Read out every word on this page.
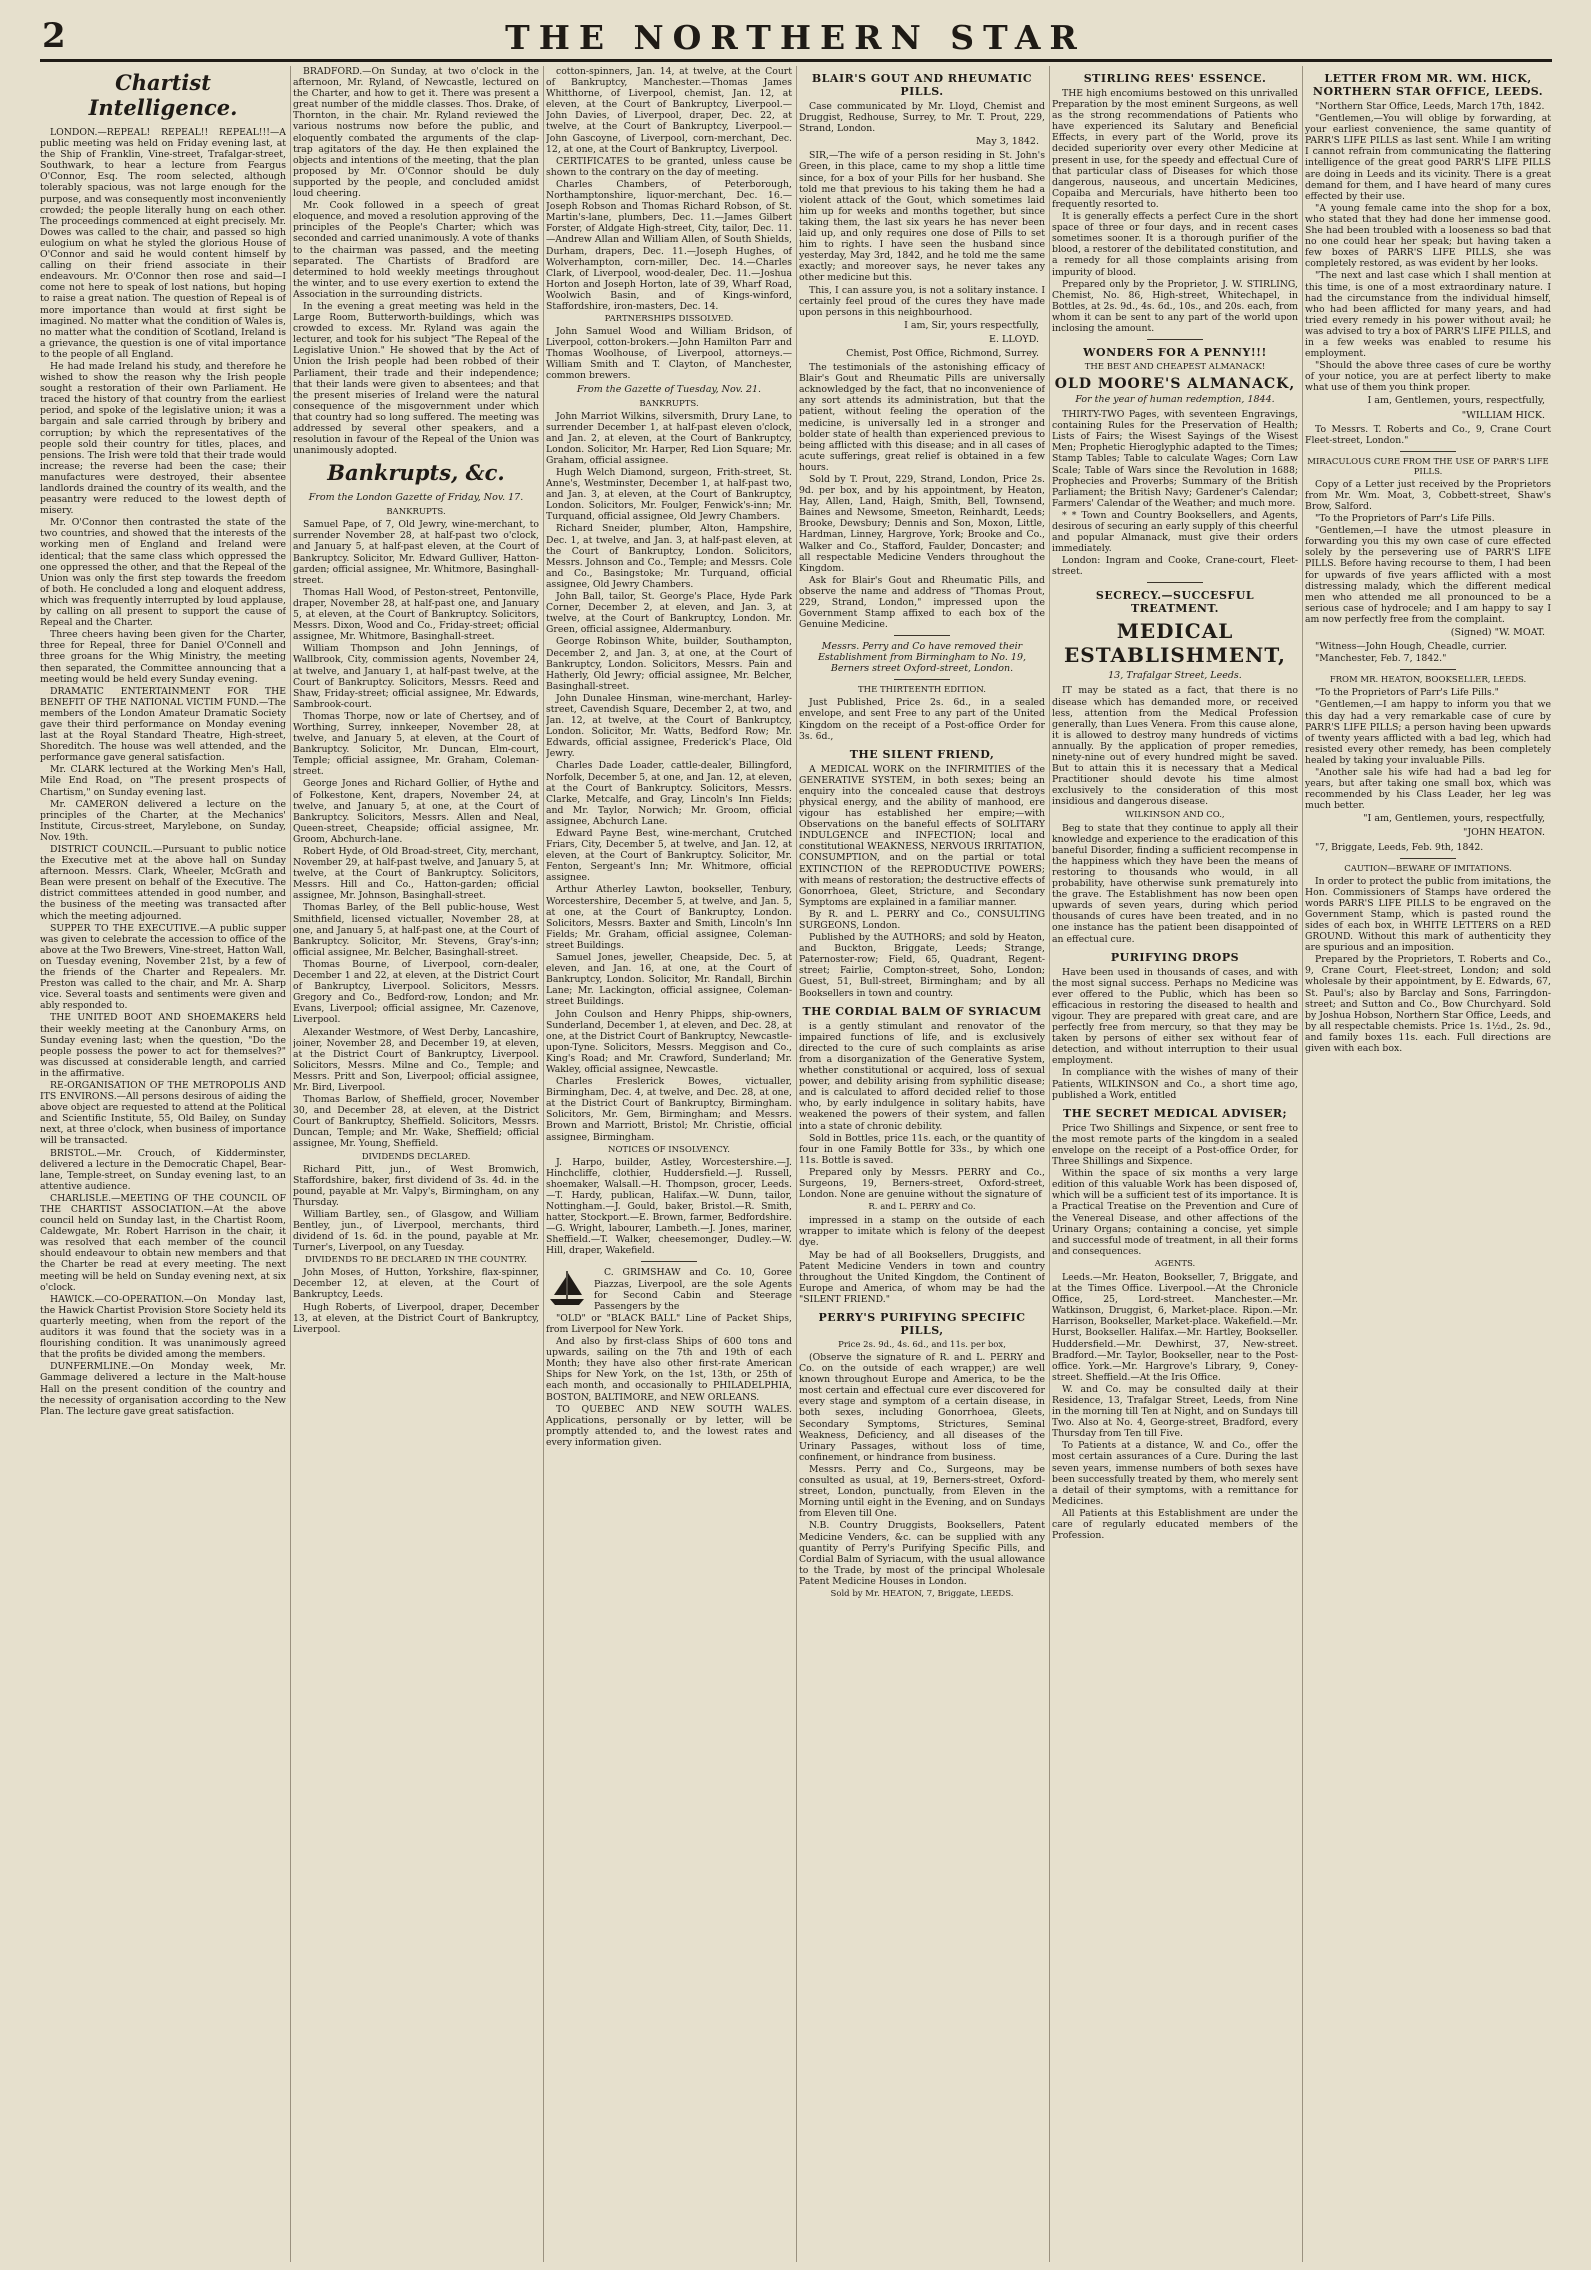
2	THE NORTHERN STAR
Chartist Intelligence.

LONDON.—REPEAL! REPEAL!! REPEAL!!!—A public meeting was held on Friday evening last, at the Ship of Franklin, Vine-street, Trafalgar-street, Southwark, to hear a lecture from Feargus O'Connor, Esq. The room selected, although tolerably spacious, was not large enough for the purpose, and was consequently most inconveniently crowded; the people literally hung on each other. The proceedings commenced at eight precisely. Mr. Dowes was called to the chair, and passed so high eulogium on what he styled the glorious House of O'Connor and said he would content himself by calling on their friend associate in their endeavours. Mr. O'Connor then rose and said—I come not here to speak of lost nations, but hoping to raise a great nation. The question of Repeal is of more importance than would at first sight be imagined. No matter what the condition of Wales is, no matter what the condition of Scotland, Ireland is a grievance, the question is one of vital importance to the people of all England.

He had made Ireland his study, and therefore he wished to show the reason why the Irish people sought a restoration of their own Parliament. He traced the history of that country from the earliest period, and spoke of the legislative union; it was a bargain and sale carried through by bribery and corruption; by which the representatives of the people sold their country for titles, places, and pensions. The Irish were told that their trade would increase; the reverse had been the case; their manufactures were destroyed, their absentee landlords drained the country of its wealth, and the peasantry were reduced to the lowest depth of misery.

Mr. O'Connor then contrasted the state of the two countries, and showed that the interests of the working men of England and Ireland were identical; that the same class which oppressed the one oppressed the other, and that the Repeal of the Union was only the first step towards the freedom of both. He concluded a long and eloquent address, which was frequently interrupted by loud applause, by calling on all present to support the cause of Repeal and the Charter.

Three cheers having been given for the Charter, three for Repeal, three for Daniel O'Connell and three groans for the Whig Ministry, the meeting then separated, the Committee announcing that a meeting would be held every Sunday evening.

DRAMATIC ENTERTAINMENT FOR THE BENEFIT OF THE NATIONAL VICTIM FUND.—The members of the London Amateur Dramatic Society gave their third performance on Monday evening last at the Royal Standard Theatre, High-street, Shoreditch. The house was well attended, and the performance gave general satisfaction.

Mr. CLARK lectured at the Working Men's Hall, Mile End Road, on "The present prospects of Chartism," on Sunday evening last.

Mr. CAMERON delivered a lecture on the principles of the Charter, at the Mechanics' Institute, Circus-street, Marylebone, on Sunday, Nov. 19th.

DISTRICT COUNCIL.—Pursuant to public notice the Executive met at the above hall on Sunday afternoon. Messrs. Clark, Wheeler, McGrath and Bean were present on behalf of the Executive. The district committees attended in good number, and the business of the meeting was transacted after which the meeting adjourned.

SUPPER TO THE EXECUTIVE.—A public supper was given to celebrate the accession to office of the above at the Two Brewers, Vine-street, Hatton Wall, on Tuesday evening, November 21st, by a few of the friends of the Charter and Repealers. Mr. Preston was called to the chair, and Mr. A. Sharp vice. Several toasts and sentiments were given and ably responded to.

THE UNITED BOOT AND SHOEMAKERS held their weekly meeting at the Canonbury Arms, on Sunday evening last; when the question, "Do the people possess the power to act for themselves?" was discussed at considerable length, and carried in the affirmative.

RE-ORGANISATION OF THE METROPOLIS AND ITS ENVIRONS.—All persons desirous of aiding the above object are requested to attend at the Political and Scientific Institute, 55, Old Bailey, on Sunday next, at three o'clock, when business of importance will be transacted.

BRISTOL.—Mr. Crouch, of Kidderminster, delivered a lecture in the Democratic Chapel, Bear-lane, Temple-street, on Sunday evening last, to an attentive audience.

CHARLISLE.—MEETING OF THE COUNCIL OF THE CHARTIST ASSOCIATION.—At the above council held on Sunday last, in the Chartist Room, Caldewgate, Mr. Robert Harrison in the chair, it was resolved that each member of the council should endeavour to obtain new members and that the Charter be read at every meeting. The next meeting will be held on Sunday evening next, at six o'clock.

HAWICK.—CO-OPERATION.—On Monday last, the Hawick Chartist Provision Store Society held its quarterly meeting, when from the report of the auditors it was found that the society was in a flourishing condition. It was unanimously agreed that the profits be divided among the members.

DUNFERMLINE.—On Monday week, Mr. Gammage delivered a lecture in the Malt-house Hall on the present condition of the country and the necessity of organisation according to the New Plan. The lecture gave great satisfaction.

BRADFORD.—On Sunday, at two o'clock in the afternoon, Mr. Ryland, of Newcastle, lectured on the Charter, and how to get it. There was present a great number of the middle classes. Thos. Drake, of Thornton, in the chair. Mr. Ryland reviewed the various nostrums now before the public, and eloquently combated the arguments of the clap-trap agitators of the day. He then explained the objects and intentions of the meeting, that the plan proposed by Mr. O'Connor should be duly supported by the people, and concluded amidst loud cheering.

Mr. Cook followed in a speech of great eloquence, and moved a resolution approving of the principles of the People's Charter; which was seconded and carried unanimously. A vote of thanks to the chairman was passed, and the meeting separated. The Chartists of Bradford are determined to hold weekly meetings throughout the winter, and to use every exertion to extend the Association in the surrounding districts.

In the evening a great meeting was held in the Large Room, Butterworth-buildings, which was crowded to excess. Mr. Ryland was again the lecturer, and took for his subject "The Repeal of the Legislative Union." He showed that by the Act of Union the Irish people had been robbed of their Parliament, their trade and their independence; that their lands were given to absentees; and that the present miseries of Ireland were the natural consequence of the misgovernment under which that country had so long suffered. The meeting was addressed by several other speakers, and a resolution in favour of the Repeal of the Union was unanimously adopted.

Bankrupts, &c.
From the London Gazette of Friday, Nov. 17.
BANKRUPTS.

Samuel Pape, of 7, Old Jewry, wine-merchant, to surrender November 28, at half-past two o'clock, and January 5, at half-past eleven, at the Court of Bankruptcy. Solicitor, Mr. Edward Gulliver, Hatton-garden; official assignee, Mr. Whitmore, Basinghall-street.

Thomas Hall Wood, of Peston-street, Pentonville, draper, November 28, at half-past one, and January 5, at eleven, at the Court of Bankruptcy. Solicitors, Messrs. Dixon, Wood and Co., Friday-street; official assignee, Mr. Whitmore, Basinghall-street.

William Thompson and John Jennings, of Wallbrook, City, commission agents, November 24, at twelve, and January 1, at half-past twelve, at the Court of Bankruptcy. Solicitors, Messrs. Reed and Shaw, Friday-street; official assignee, Mr. Edwards, Sambrook-court.

Thomas Thorpe, now or late of Chertsey, and of Worthing, Surrey, innkeeper, November 28, at twelve, and January 5, at eleven, at the Court of Bankruptcy. Solicitor, Mr. Duncan, Elm-court, Temple; official assignee, Mr. Graham, Coleman-street.

George Jones and Richard Gollier, of Hythe and of Folkestone, Kent, drapers, November 24, at twelve, and January 5, at one, at the Court of Bankruptcy. Solicitors, Messrs. Allen and Neal, Queen-street, Cheapside; official assignee, Mr. Groom, Abchurch-lane.

Robert Hyde, of Old Broad-street, City, merchant, November 29, at half-past twelve, and January 5, at twelve, at the Court of Bankruptcy. Solicitors, Messrs. Hill and Co., Hatton-garden; official assignee, Mr. Johnson, Basinghall-street.

Thomas Barley, of the Bell public-house, West Smithfield, licensed victualler, November 28, at one, and January 5, at half-past one, at the Court of Bankruptcy. Solicitor, Mr. Stevens, Gray's-inn; official assignee, Mr. Belcher, Basinghall-street.

Thomas Bourne, of Liverpool, corn-dealer, December 1 and 22, at eleven, at the District Court of Bankruptcy, Liverpool. Solicitors, Messrs. Gregory and Co., Bedford-row, London; and Mr. Evans, Liverpool; official assignee, Mr. Cazenove, Liverpool.

Alexander Westmore, of West Derby, Lancashire, joiner, November 28, and December 19, at eleven, at the District Court of Bankruptcy, Liverpool. Solicitors, Messrs. Milne and Co., Temple; and Messrs. Pritt and Son, Liverpool; official assignee, Mr. Bird, Liverpool.

Thomas Barlow, of Sheffield, grocer, November 30, and December 28, at eleven, at the District Court of Bankruptcy, Sheffield. Solicitors, Messrs. Duncan, Temple; and Mr. Wake, Sheffield; official assignee, Mr. Young, Sheffield.

DIVIDENDS DECLARED.

Richard Pitt, jun., of West Bromwich, Staffordshire, baker, first dividend of 3s. 4d. in the pound, payable at Mr. Valpy's, Birmingham, on any Thursday.

William Bartley, sen., of Glasgow, and William Bentley, jun., of Liverpool, merchants, third dividend of 1s. 6d. in the pound, payable at Mr. Turner's, Liverpool, on any Tuesday.

DIVIDENDS TO BE DECLARED IN THE COUNTRY.

John Moses, of Hutton, Yorkshire, flax-spinner, December 12, at eleven, at the Court of Bankruptcy, Leeds.

Hugh Roberts, of Liverpool, draper, December 13, at eleven, at the District Court of Bankruptcy, Liverpool.

cotton-spinners, Jan. 14, at twelve, at the Court of Bankruptcy, Manchester.—Thomas James Whitthorne, of Liverpool, chemist, Jan. 12, at eleven, at the Court of Bankruptcy, Liverpool.—John Davies, of Liverpool, draper, Dec. 22, at twelve, at the Court of Bankruptcy, Liverpool.—John Gascoyne, of Liverpool, corn-merchant, Dec. 12, at one, at the Court of Bankruptcy, Liverpool.

CERTIFICATES to be granted, unless cause be shown to the contrary on the day of meeting.

Charles Chambers, of Peterborough, Northamptonshire, liquor-merchant, Dec. 16.—Joseph Robson and Thomas Richard Robson, of St. Martin's-lane, plumbers, Dec. 11.—James Gilbert Forster, of Aldgate High-street, City, tailor, Dec. 11.—Andrew Allan and William Allen, of South Shields, Durham, drapers, Dec. 11.—Joseph Hughes, of Wolverhampton, corn-miller, Dec. 14.—Charles Clark, of Liverpool, wood-dealer, Dec. 11.—Joshua Horton and Joseph Horton, late of 39, Wharf Road, Woolwich Basin, and of Kings-winford, Staffordshire, iron-masters, Dec. 14.

PARTNERSHIPS DISSOLVED.

John Samuel Wood and William Bridson, of Liverpool, cotton-brokers.—John Hamilton Parr and Thomas Woolhouse, of Liverpool, attorneys.—William Smith and T. Clayton, of Manchester, common brewers.

From the Gazette of Tuesday, Nov. 21.
BANKRUPTS.

John Marriot Wilkins, silversmith, Drury Lane, to surrender December 1, at half-past eleven o'clock, and Jan. 2, at eleven, at the Court of Bankruptcy, London. Solicitor, Mr. Harper, Red Lion Square; Mr. Graham, official assignee.

Hugh Welch Diamond, surgeon, Frith-street, St. Anne's, Westminster, December 1, at half-past two, and Jan. 3, at eleven, at the Court of Bankruptcy, London. Solicitors, Mr. Foulger, Fenwick's-inn; Mr. Turquand, official assignee, Old Jewry Chambers.

Richard Sneider, plumber, Alton, Hampshire, Dec. 1, at twelve, and Jan. 3, at half-past eleven, at the Court of Bankruptcy, London. Solicitors, Messrs. Johnson and Co., Temple; and Messrs. Cole and Co., Basingstoke; Mr. Turquand, official assignee, Old Jewry Chambers.

John Ball, tailor, St. George's Place, Hyde Park Corner, December 2, at eleven, and Jan. 3, at twelve, at the Court of Bankruptcy, London. Mr. Green, official assignee, Aldermanbury.

George Robinson White, builder, Southampton, December 2, and Jan. 3, at one, at the Court of Bankruptcy, London. Solicitors, Messrs. Pain and Hatherly, Old Jewry; official assignee, Mr. Belcher, Basinghall-street.

John Dunalee Hinsman, wine-merchant, Harley-street, Cavendish Square, December 2, at two, and Jan. 12, at twelve, at the Court of Bankruptcy, London. Solicitor, Mr. Watts, Bedford Row; Mr. Edwards, official assignee, Frederick's Place, Old Jewry.

Charles Dade Loader, cattle-dealer, Billingford, Norfolk, December 5, at one, and Jan. 12, at eleven, at the Court of Bankruptcy. Solicitors, Messrs. Clarke, Metcalfe, and Gray, Lincoln's Inn Fields; and Mr. Taylor, Norwich; Mr. Groom, official assignee, Abchurch Lane.

Edward Payne Best, wine-merchant, Crutched Friars, City, December 5, at twelve, and Jan. 12, at eleven, at the Court of Bankruptcy. Solicitor, Mr. Fenton, Sergeant's Inn; Mr. Whitmore, official assignee.

Arthur Atherley Lawton, bookseller, Tenbury, Worcestershire, December 5, at twelve, and Jan. 5, at one, at the Court of Bankruptcy, London. Solicitors, Messrs. Baxter and Smith, Lincoln's Inn Fields; Mr. Graham, official assignee, Coleman-street Buildings.

Samuel Jones, jeweller, Cheapside, Dec. 5, at eleven, and Jan. 16, at one, at the Court of Bankruptcy, London. Solicitor, Mr. Randall, Birchin Lane; Mr. Lackington, official assignee, Coleman-street Buildings.

John Coulson and Henry Phipps, ship-owners, Sunderland, December 1, at eleven, and Dec. 28, at one, at the District Court of Bankruptcy, Newcastle-upon-Tyne. Solicitors, Messrs. Meggison and Co., King's Road; and Mr. Crawford, Sunderland; Mr. Wakley, official assignee, Newcastle.

Charles Freslerick Bowes, victualler, Birmingham, Dec. 4, at twelve, and Dec. 28, at one, at the District Court of Bankruptcy, Birmingham. Solicitors, Mr. Gem, Birmingham; and Messrs. Brown and Marriott, Bristol; Mr. Christie, official assignee, Birmingham.

NOTICES OF INSOLVENCY.

J. Harpo, builder, Astley, Worcestershire.—J. Hinchcliffe, clothier, Huddersfield.—J. Russell, shoemaker, Walsall.—H. Thompson, grocer, Leeds.—T. Hardy, publican, Halifax.—W. Dunn, tailor, Nottingham.—J. Gould, baker, Bristol.—R. Smith, hatter, Stockport.—E. Brown, farmer, Bedfordshire.—G. Wright, labourer, Lambeth.—J. Jones, mariner, Sheffield.—T. Walker, cheesemonger, Dudley.—W. Hill, draper, Wakefield.

C. GRIMSHAW and Co. 10, Goree Piazzas, Liverpool, are the sole Agents for Second Cabin and Steerage Passengers by the

"OLD" or "BLACK BALL" Line of Packet Ships, from Liverpool for New York.

And also by first-class Ships of 600 tons and upwards, sailing on the 7th and 19th of each Month; they have also other first-rate American Ships for New York, on the 1st, 13th, or 25th of each month, and occasionally to PHILADELPHIA, BOSTON, BALTIMORE, and NEW ORLEANS.

TO QUEBEC AND NEW SOUTH WALES. Applications, personally or by letter, will be promptly attended to, and the lowest rates and every information given.

BLAIR'S GOUT AND RHEUMATIC PILLS.

Case communicated by Mr. Lloyd, Chemist and Druggist, Redhouse, Surrey, to Mr. T. Prout, 229, Strand, London.

May 3, 1842.

SIR,—The wife of a person residing in St. John's Green, in this place, came to my shop a little time since, for a box of your Pills for her husband. She told me that previous to his taking them he had a violent attack of the Gout, which sometimes laid him up for weeks and months together, but since taking them, the last six years he has never been laid up, and only requires one dose of Pills to set him to rights. I have seen the husband since yesterday, May 3rd, 1842, and he told me the same exactly; and moreover says, he never takes any other medicine but this.

This, I can assure you, is not a solitary instance. I certainly feel proud of the cures they have made upon persons in this neighbourhood.

I am, Sir, yours respectfully,
E. LLOYD.
Chemist, Post Office, Richmond, Surrey.

The testimonials of the astonishing efficacy of Blair's Gout and Rheumatic Pills are universally acknowledged by the fact, that no inconvenience of any sort attends its administration, but that the patient, without feeling the operation of the medicine, is universally led in a stronger and bolder state of health than experienced previous to being afflicted with this disease; and in all cases of acute sufferings, great relief is obtained in a few hours.

Sold by T. Prout, 229, Strand, London, Price 2s. 9d. per box, and by his appointment, by Heaton, Hay, Allen, Land, Haigh, Smith, Bell, Townsend, Baines and Newsome, Smeeton, Reinhardt, Leeds; Brooke, Dewsbury; Dennis and Son, Moxon, Little, Hardman, Linney, Hargrove, York; Brooke and Co., Walker and Co., Stafford, Faulder, Doncaster; and all respectable Medicine Venders throughout the Kingdom.

Ask for Blair's Gout and Rheumatic Pills, and observe the name and address of "Thomas Prout, 229, Strand, London," impressed upon the Government Stamp affixed to each box of the Genuine Medicine.

Messrs. Perry and Co have removed their Establishment from Birmingham to No. 19, Berners street Oxford-street, London.
THE THIRTEENTH EDITION.

Just Published, Price 2s. 6d., in a sealed envelope, and sent Free to any part of the United Kingdom on the receipt of a Post-office Order for 3s. 6d.,

THE SILENT FRIEND,

A MEDICAL WORK on the INFIRMITIES of the GENERATIVE SYSTEM, in both sexes; being an enquiry into the concealed cause that destroys physical energy, and the ability of manhood, ere vigour has established her empire;—with Observations on the baneful effects of SOLITARY INDULGENCE and INFECTION; local and constitutional WEAKNESS, NERVOUS IRRITATION, CONSUMPTION, and on the partial or total EXTINCTION of the REPRODUCTIVE POWERS; with means of restoration; the destructive effects of Gonorrhoea, Gleet, Stricture, and Secondary Symptoms are explained in a familiar manner.

By R. and L. PERRY and Co., CONSULTING SURGEONS, London.

Published by the AUTHORS; and sold by Heaton, and Buckton, Briggate, Leeds; Strange, Paternoster-row; Field, 65, Quadrant, Regent-street; Fairlie, Compton-street, Soho, London; Guest, 51, Bull-street, Birmingham; and by all Booksellers in town and country.

THE CORDIAL BALM OF SYRIACUM

is a gently stimulant and renovator of the impaired functions of life, and is exclusively directed to the cure of such complaints as arise from a disorganization of the Generative System, whether constitutional or acquired, loss of sexual power, and debility arising from syphilitic disease; and is calculated to afford decided relief to those who, by early indulgence in solitary habits, have weakened the powers of their system, and fallen into a state of chronic debility.

Sold in Bottles, price 11s. each, or the quantity of four in one Family Bottle for 33s., by which one 11s. Bottle is saved.

Prepared only by Messrs. PERRY and Co., Surgeons, 19, Berners-street, Oxford-street, London. None are genuine without the signature of

R. and L. PERRY and Co.

impressed in a stamp on the outside of each wrapper to imitate which is felony of the deepest dye.

May be had of all Booksellers, Druggists, and Patent Medicine Venders in town and country throughout the United Kingdom, the Continent of Europe and America, of whom may be had the "SILENT FRIEND."

PERRY'S PURIFYING SPECIFIC PILLS,
Price 2s. 9d., 4s. 6d., and 11s. per box,

(Observe the signature of R. and L. PERRY and Co. on the outside of each wrapper,) are well known throughout Europe and America, to be the most certain and effectual cure ever discovered for every stage and symptom of a certain disease, in both sexes, including Gonorrhoea, Gleets, Secondary Symptoms, Strictures, Seminal Weakness, Deficiency, and all diseases of the Urinary Passages, without loss of time, confinement, or hindrance from business.

Messrs. Perry and Co., Surgeons, may be consulted as usual, at 19, Berners-street, Oxford-street, London, punctually, from Eleven in the Morning until eight in the Evening, and on Sundays from Eleven till One.

N.B. Country Druggists, Booksellers, Patent Medicine Venders, &c. can be supplied with any quantity of Perry's Purifying Specific Pills, and Cordial Balm of Syriacum, with the usual allowance to the Trade, by most of the principal Wholesale Patent Medicine Houses in London.

Sold by Mr. HEATON, 7, Briggate, LEEDS.
STIRLING REES' ESSENCE.

THE high encomiums bestowed on this unrivalled Preparation by the most eminent Surgeons, as well as the strong recommendations of Patients who have experienced its Salutary and Beneficial Effects, in every part of the World, prove its decided superiority over every other Medicine at present in use, for the speedy and effectual Cure of that particular class of Diseases for which those dangerous, nauseous, and uncertain Medicines, Copaiba and Mercurials, have hitherto been too frequently resorted to.

It is generally effects a perfect Cure in the short space of three or four days, and in recent cases sometimes sooner. It is a thorough purifier of the blood, a restorer of the debilitated constitution, and a remedy for all those complaints arising from impurity of blood.

Prepared only by the Proprietor, J. W. STIRLING, Chemist, No. 86, High-street, Whitechapel, in Bottles, at 2s. 9d., 4s. 6d., 10s., and 20s. each, from whom it can be sent to any part of the world upon inclosing the amount.

WONDERS FOR A PENNY!!!
THE BEST AND CHEAPEST ALMANACK!
OLD MOORE'S ALMANACK,
For the year of human redemption, 1844.

THIRTY-TWO Pages, with seventeen Engravings, containing Rules for the Preservation of Health; Lists of Fairs; the Wisest Sayings of the Wisest Men; Prophetic Hieroglyphic adapted to the Times; Stamp Tables; Table to calculate Wages; Corn Law Scale; Table of Wars since the Revolution in 1688; Prophecies and Proverbs; Summary of the British Parliament; the British Navy; Gardener's Calendar; Farmers' Calendar of the Weather; and much more.

* * Town and Country Booksellers, and Agents, desirous of securing an early supply of this cheerful and popular Almanack, must give their orders immediately.

London: Ingram and Cooke, Crane-court, Fleet-street.

SECRECY.—SUCCESFUL TREATMENT.
MEDICAL ESTABLISHMENT,
13, Trafalgar Street, Leeds.

IT may be stated as a fact, that there is no disease which has demanded more, or received less, attention from the Medical Profession generally, than Lues Venera. From this cause alone, it is allowed to destroy many hundreds of victims annually. By the application of proper remedies, ninety-nine out of every hundred might be saved. But to attain this it is necessary that a Medical Practitioner should devote his time almost exclusively to the consideration of this most insidious and dangerous disease.

WILKINSON AND CO.,

Beg to state that they continue to apply all their knowledge and experience to the eradication of this baneful Disorder, finding a sufficient recompense in the happiness which they have been the means of restoring to thousands who would, in all probability, have otherwise sunk prematurely into the grave. The Establishment has now been open upwards of seven years, during which period thousands of cures have been treated, and in no one instance has the patient been disappointed of an effectual cure.

PURIFYING DROPS

Have been used in thousands of cases, and with the most signal success. Perhaps no Medicine was ever offered to the Public, which has been so efficacious in restoring the diseased to health and vigour. They are prepared with great care, and are perfectly free from mercury, so that they may be taken by persons of either sex without fear of detection, and without interruption to their usual employment.

In compliance with the wishes of many of their Patients, WILKINSON and Co., a short time ago, published a Work, entitled

THE SECRET MEDICAL ADVISER;

Price Two Shillings and Sixpence, or sent free to the most remote parts of the kingdom in a sealed envelope on the receipt of a Post-office Order, for Three Shillings and Sixpence.

Within the space of six months a very large edition of this valuable Work has been disposed of, which will be a sufficient test of its importance. It is a Practical Treatise on the Prevention and Cure of the Venereal Disease, and other affections of the Urinary Organs; containing a concise, yet simple and successful mode of treatment, in all their forms and consequences.

AGENTS.

Leeds.—Mr. Heaton, Bookseller, 7, Briggate, and at the Times Office. Liverpool.—At the Chronicle Office, 25, Lord-street. Manchester.—Mr. Watkinson, Druggist, 6, Market-place. Ripon.—Mr. Harrison, Bookseller, Market-place. Wakefield.—Mr. Hurst, Bookseller. Halifax.—Mr. Hartley, Bookseller. Huddersfield.—Mr. Dewhirst, 37, New-street. Bradford.—Mr. Taylor, Bookseller, near to the Post-office. York.—Mr. Hargrove's Library, 9, Coney-street. Sheffield.—At the Iris Office.

W. and Co. may be consulted daily at their Residence, 13, Trafalgar Street, Leeds, from Nine in the morning till Ten at Night, and on Sundays till Two. Also at No. 4, George-street, Bradford, every Thursday from Ten till Five.

To Patients at a distance, W. and Co., offer the most certain assurances of a Cure. During the last seven years, immense numbers of both sexes have been successfully treated by them, who merely sent a detail of their symptoms, with a remittance for Medicines.

All Patients at this Establishment are under the care of regularly educated members of the Profession.

LETTER FROM MR. WM. HICK, NORTHERN STAR OFFICE, LEEDS.

"Northern Star Office, Leeds, March 17th, 1842.

"Gentlemen,—You will oblige by forwarding, at your earliest convenience, the same quantity of PARR'S LIFE PILLS as last sent. While I am writing I cannot refrain from communicating the flattering intelligence of the great good PARR'S LIFE PILLS are doing in Leeds and its vicinity. There is a great demand for them, and I have heard of many cures effected by their use.

"A young female came into the shop for a box, who stated that they had done her immense good. She had been troubled with a looseness so bad that no one could hear her speak; but having taken a few boxes of PARR'S LIFE PILLS, she was completely restored, as was evident by her looks.

"The next and last case which I shall mention at this time, is one of a most extraordinary nature. I had the circumstance from the individual himself, who had been afflicted for many years, and had tried every remedy in his power without avail; he was advised to try a box of PARR'S LIFE PILLS, and in a few weeks was enabled to resume his employment.

"Should the above three cases of cure be worthy of your notice, you are at perfect liberty to make what use of them you think proper.

I am, Gentlemen, yours, respectfully,
"WILLIAM HICK.

To Messrs. T. Roberts and Co., 9, Crane Court Fleet-street, London."

MIRACULOUS CURE FROM THE USE OF PARR'S LIFE PILLS.

Copy of a Letter just received by the Proprietors from Mr. Wm. Moat, 3, Cobbett-street, Shaw's Brow, Salford.

"To the Proprietors of Parr's Life Pills.

"Gentlemen,—I have the utmost pleasure in forwarding you this my own case of cure effected solely by the persevering use of PARR'S LIFE PILLS. Before having recourse to them, I had been for upwards of five years afflicted with a most distressing malady, which the different medical men who attended me all pronounced to be a serious case of hydrocele; and I am happy to say I am now perfectly free from the complaint.

(Signed) "W. MOAT.

"Witness—John Hough, Cheadle, currier.

"Manchester, Feb. 7, 1842."

FROM MR. HEATON, BOOKSELLER, LEEDS.

"To the Proprietors of Parr's Life Pills."

"Gentlemen,—I am happy to inform you that we this day had a very remarkable case of cure by PARR'S LIFE PILLS; a person having been upwards of twenty years afflicted with a bad leg, which had resisted every other remedy, has been completely healed by taking your invaluable Pills.

"Another sale his wife had had a bad leg for years, but after taking one small box, which was recommended by his Class Leader, her leg was much better.

"I am, Gentlemen, yours, respectfully,
"JOHN HEATON.

"7, Briggate, Leeds, Feb. 9th, 1842.

CAUTION—BEWARE OF IMITATIONS.

In order to protect the public from imitations, the Hon. Commissioners of Stamps have ordered the words PARR'S LIFE PILLS to be engraved on the Government Stamp, which is pasted round the sides of each box, in WHITE LETTERS on a RED GROUND. Without this mark of authenticity they are spurious and an imposition.

Prepared by the Proprietors, T. Roberts and Co., 9, Crane Court, Fleet-street, London; and sold wholesale by their appointment, by E. Edwards, 67, St. Paul's; also by Barclay and Sons, Farringdon-street; and Sutton and Co., Bow Churchyard. Sold by Joshua Hobson, Northern Star Office, Leeds, and by all respectable chemists. Price 1s. 1½d., 2s. 9d., and family boxes 11s. each. Full directions are given with each box.
